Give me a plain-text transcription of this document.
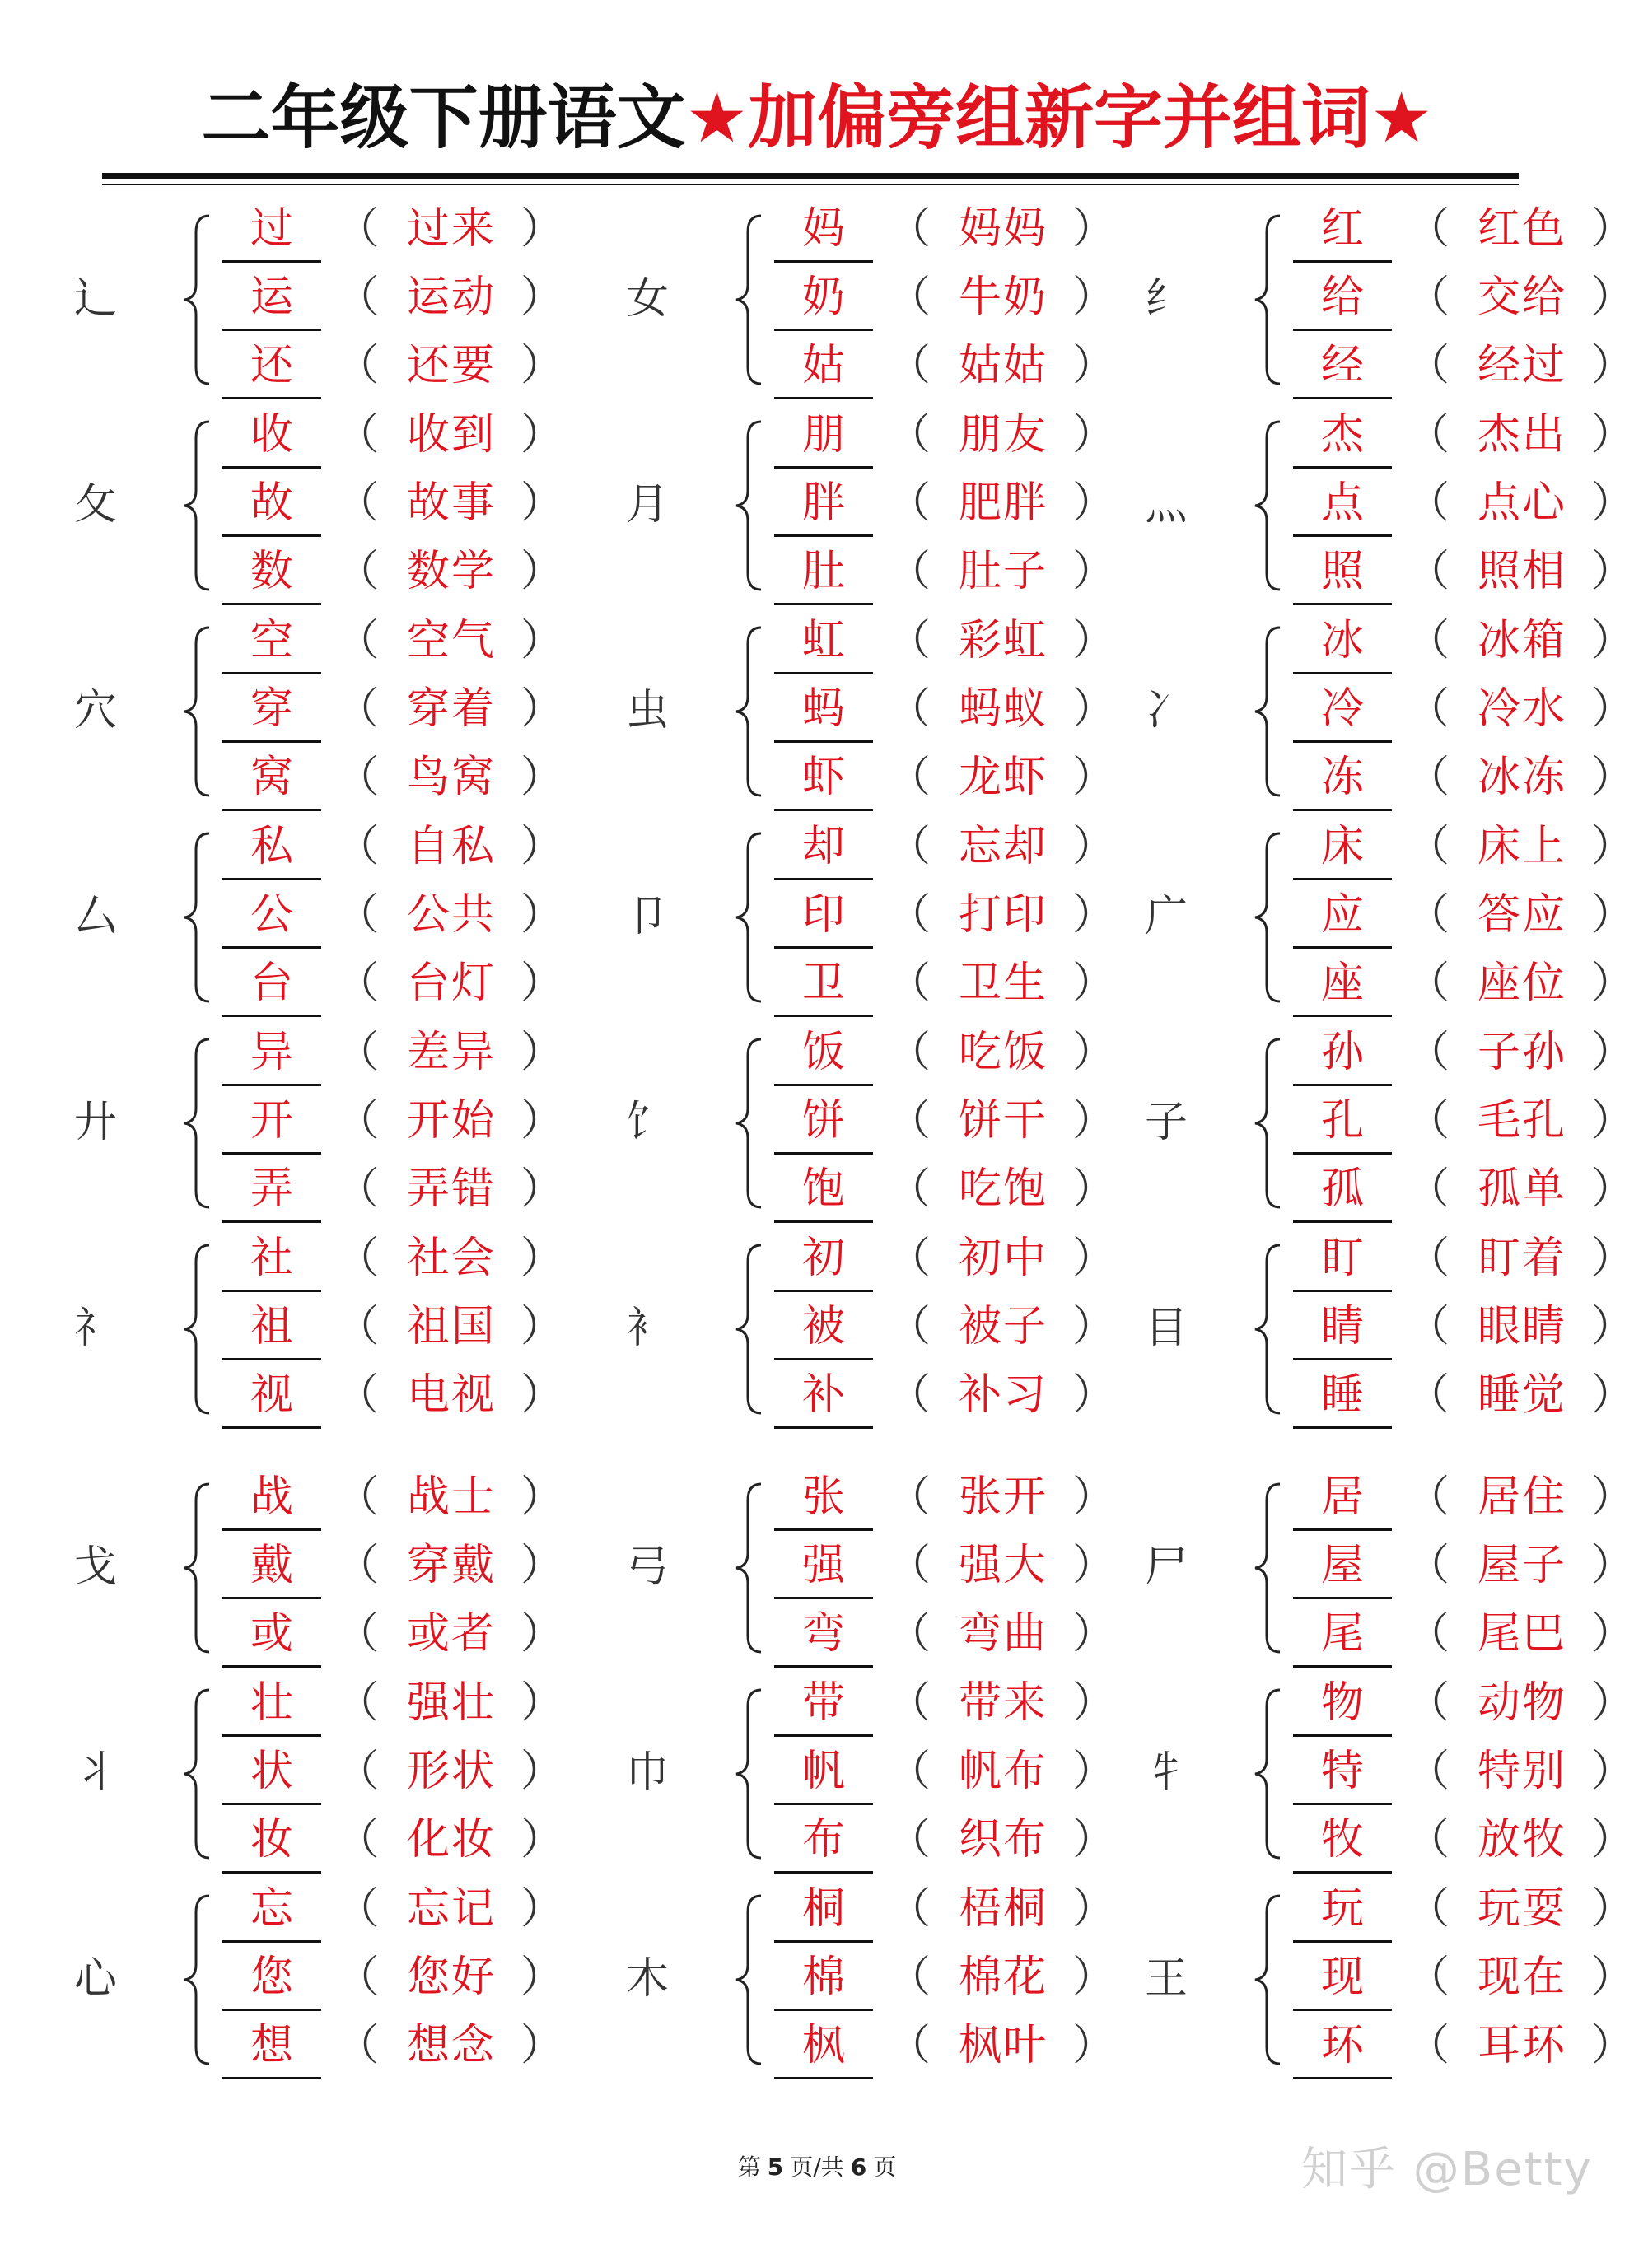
二年级下册语文★加偏旁组新字并组词★
辶
过	（ 过来 ）
运	（ 运动 ）
还	（ 还要 ）
女
妈	（ 妈妈 ）
奶	（ 牛奶 ）
姑	（ 姑姑 ）
纟
红	（ 红色 ）
给	（ 交给 ）
经	（ 经过 ）
攵
收	（ 收到 ）
故	（ 故事 ）
数	（ 数学 ）
月
朋	（ 朋友 ）
胖	（ 肥胖 ）
肚	（ 肚子 ）
灬
杰	（ 杰出 ）
点	（ 点心 ）
照	（ 照相 ）
穴
空	（ 空气 ）
穿	（ 穿着 ）
窝	（ 鸟窝 ）
虫
虹	（ 彩虹 ）
蚂	（ 蚂蚁 ）
虾	（ 龙虾 ）
冫
冰	（ 冰箱 ）
冷	（ 冷水 ）
冻	（ 冰冻 ）
厶
私	（ 自私 ）
公	（ 公共 ）
台	（ 台灯 ）
卩
却	（ 忘却 ）
印	（ 打印 ）
卫	（ 卫生 ）
广
床	（ 床上 ）
应	（ 答应 ）
座	（ 座位 ）
廾
异	（ 差异 ）
开	（ 开始 ）
弄	（ 弄错 ）
饣
饭	（ 吃饭 ）
饼	（ 饼干 ）
饱	（ 吃饱 ）
子
孙	（ 子孙 ）
孔	（ 毛孔 ）
孤	（ 孤单 ）
礻
社	（ 社会 ）
祖	（ 祖国 ）
视	（ 电视 ）
衤
初	（ 初中 ）
被	（ 被子 ）
补	（ 补习 ）
目
盯	（ 盯着 ）
睛	（ 眼睛 ）
睡	（ 睡觉 ）
戈
战	（ 战士 ）
戴	（ 穿戴 ）
或	（ 或者 ）
弓
张	（ 张开 ）
强	（ 强大 ）
弯	（ 弯曲 ）
尸
居	（ 居住 ）
屋	（ 屋子 ）
尾	（ 尾巴 ）
丬
壮	（ 强壮 ）
状	（ 形状 ）
妆	（ 化妆 ）
巾
带	（ 带来 ）
帆	（ 帆布 ）
布	（ 织布 ）
牜
物	（ 动物 ）
特	（ 特别 ）
牧	（ 放牧 ）
心
忘	（ 忘记 ）
您	（ 您好 ）
想	（ 想念 ）
木
桐	（ 梧桐 ）
棉	（ 棉花 ）
枫	（ 枫叶 ）
王
玩	（ 玩耍 ）
现	（ 现在 ）
环	（ 耳环 ）
第 5 页/共 6 页	知乎 @Betty
